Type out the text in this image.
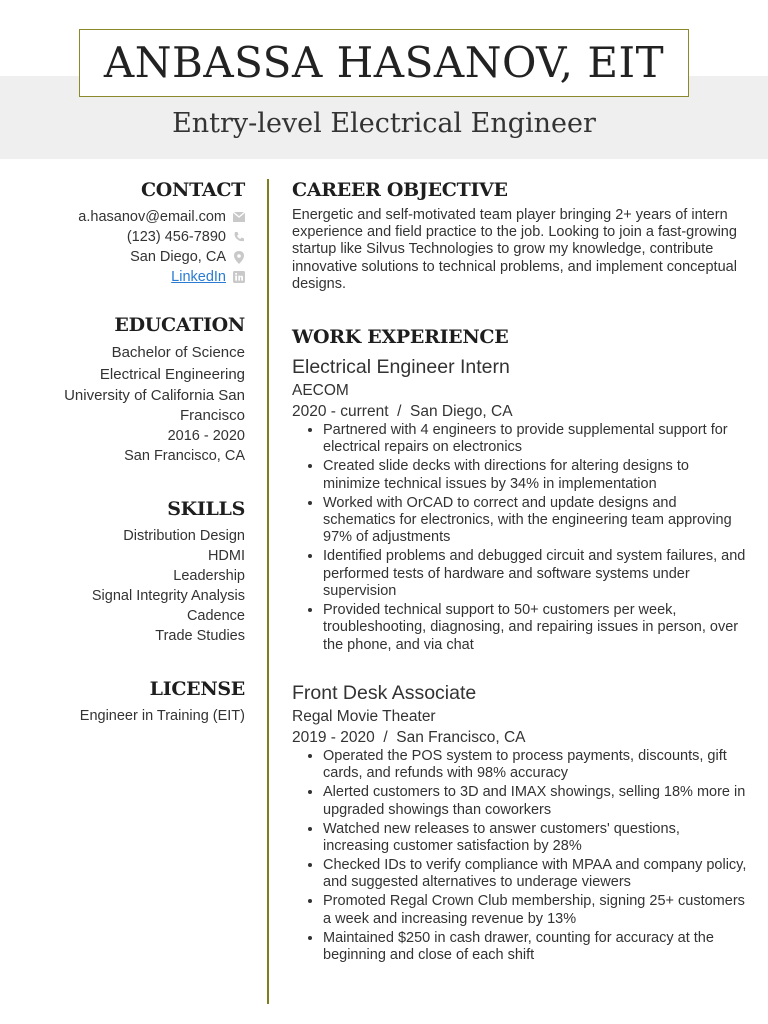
ANBASSA HASANOV, EIT
Entry-level Electrical Engineer
CONTACT
a.hasanov@email.com
(123) 456-7890
San Diego, CA
LinkedIn
EDUCATION
Bachelor of Science
Electrical Engineering
University of California San Francisco
2016 - 2020
San Francisco, CA
SKILLS
Distribution Design
HDMI
Leadership
Signal Integrity Analysis
Cadence
Trade Studies
LICENSE
Engineer in Training (EIT)
CAREER OBJECTIVE

Energetic and self-motivated team player bringing 2+ years of intern experience and field practice to the job. Looking to join a fast-growing startup like Silvus Technologies to grow my knowledge, contribute innovative solutions to technical problems, and implement conceptual designs.

WORK EXPERIENCE
Electrical Engineer Intern
AECOM
2020 - current  /  San Diego, CA
• Partnered with 4 engineers to provide supplemental support for electrical repairs on electronics
• Created slide decks with directions for altering designs to minimize technical issues by 34% in implementation
• Worked with OrCAD to correct and update designs and schematics for electronics, with the engineering team approving 97% of adjustments
• Identified problems and debugged circuit and system failures, and performed tests of hardware and software systems under supervision
• Provided technical support to 50+ customers per week, troubleshooting, diagnosing, and repairing issues in person, over the phone, and via chat
Front Desk Associate
Regal Movie Theater
2019 - 2020  /  San Francisco, CA
• Operated the POS system to process payments, discounts, gift cards, and refunds with 98% accuracy
• Alerted customers to 3D and IMAX showings, selling 18% more in upgraded showings than coworkers
• Watched new releases to answer customers' questions, increasing customer satisfaction by 28%
• Checked IDs to verify compliance with MPAA and company policy, and suggested alternatives to underage viewers
• Promoted Regal Crown Club membership, signing 25+ customers a week and increasing revenue by 13%
• Maintained $250 in cash drawer, counting for accuracy at the beginning and close of each shift
